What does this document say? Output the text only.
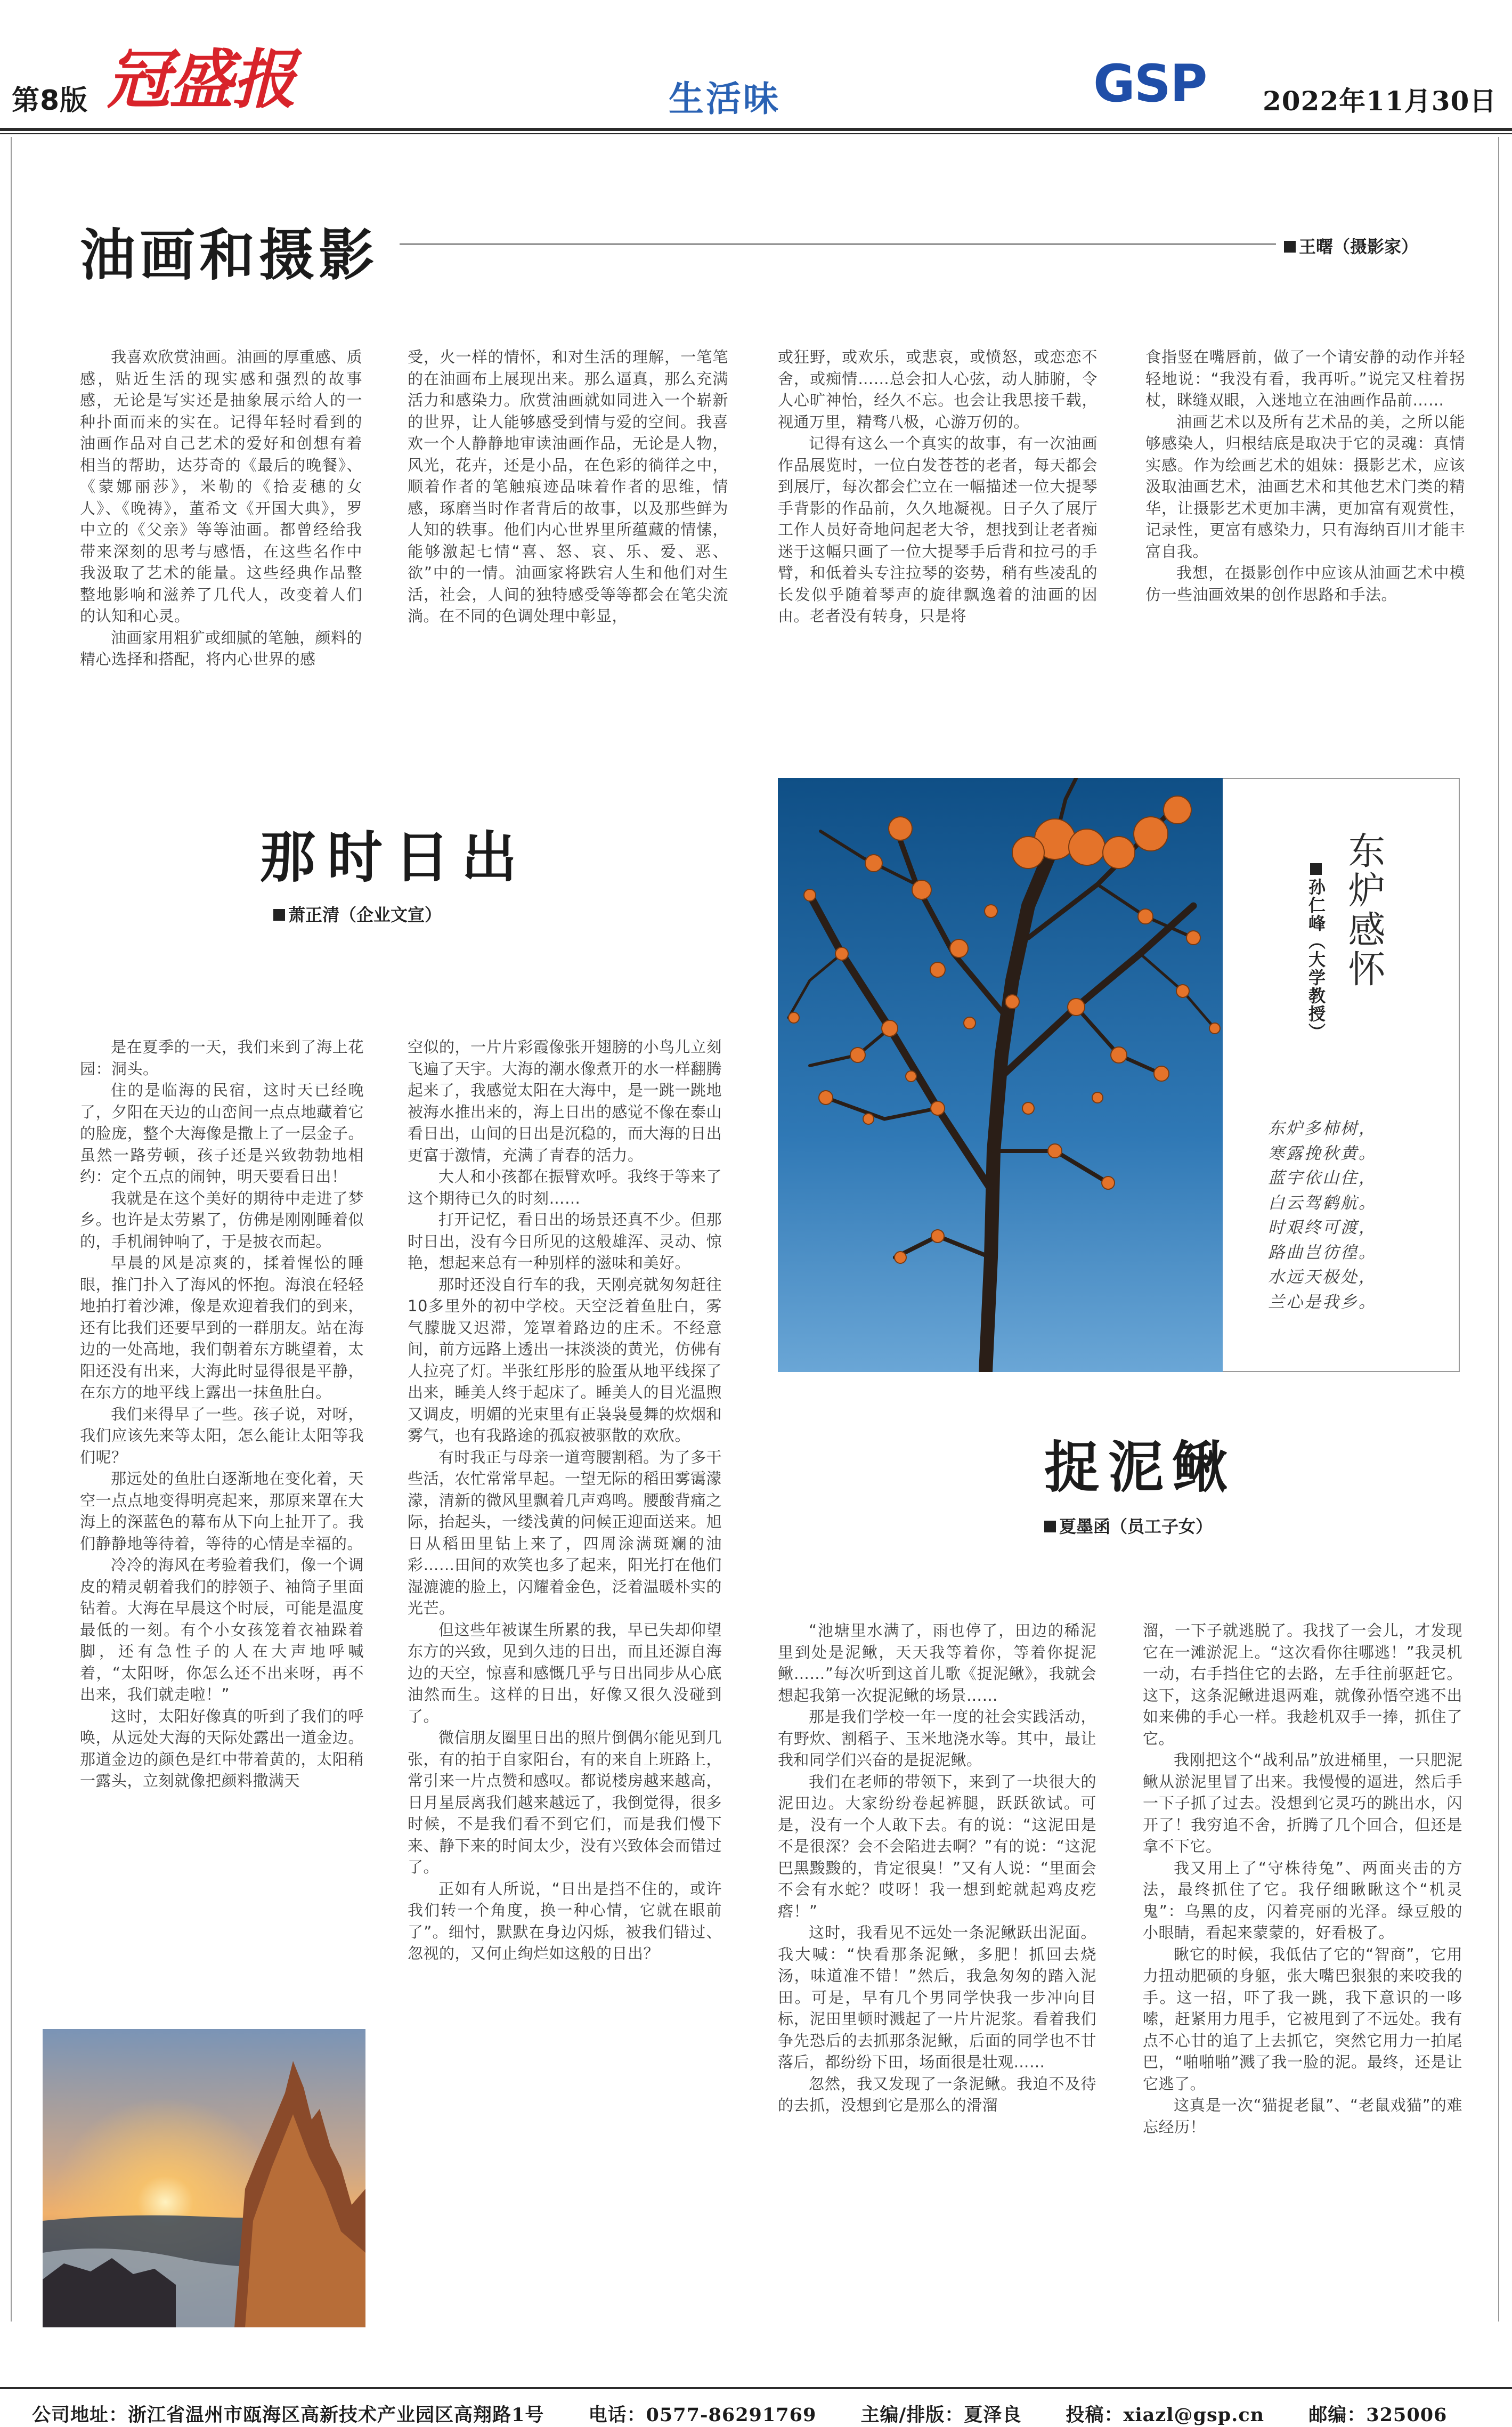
第8版 冠盛报	生活味	GSP	2022年11月30日
油画和摄影	王曙（摄影家）

我喜欢欣赏油画。油画的厚重感、质感，贴近生活的现实感和强烈的故事感，无论是写实还是抽象展示给人的一种扑面而来的实在。记得年轻时看到的油画作品对自己艺术的爱好和创想有着相当的帮助，达芬奇的《最后的晚餐》、《蒙娜丽莎》，米勒的《拾麦穗的女人》、《晚祷》，董希文《开国大典》，罗中立的《父亲》等等油画。都曾经给我带来深刻的思考与感悟，在这些名作中我汲取了艺术的能量。这些经典作品整整地影响和滋养了几代人，改变着人们的认知和心灵。

油画家用粗犷或细腻的笔触，颜料的精心选择和搭配，将内心世界的感

受，火一样的情怀，和对生活的理解，一笔笔的在油画布上展现出来。那么逼真，那么充满活力和感染力。欣赏油画就如同进入一个崭新的世界，让人能够感受到情与爱的空间。我喜欢一个人静静地审读油画作品，无论是人物，风光，花卉，还是小品，在色彩的徜徉之中，顺着作者的笔触痕迹品味着作者的思维，情感，琢磨当时作者背后的故事，以及那些鲜为人知的轶事。他们内心世界里所蕴藏的情愫，能够激起七情“喜、怒、哀、乐、爱、恶、欲”中的一情。油画家将跌宕人生和他们对生活，社会，人间的独特感受等等都会在笔尖流淌。在不同的色调处理中彰显，

或狂野，或欢乐，或悲哀，或愤怒，或恋恋不舍，或痴情……总会扣人心弦，动人肺腑，令人心旷神怡，经久不忘。也会让我思接千载，视通万里，精骛八极，心游万仞的。

记得有这么一个真实的故事，有一次油画作品展览时，一位白发苍苍的老者，每天都会到展厅，每次都会伫立在一幅描述一位大提琴手背影的作品前，久久地凝视。日子久了展厅工作人员好奇地问起老大爷，想找到让老者痴迷于这幅只画了一位大提琴手后背和拉弓的手臂，和低着头专注拉琴的姿势，稍有些凌乱的长发似乎随着琴声的旋律飘逸着的油画的因由。老者没有转身，只是将

食指竖在嘴唇前，做了一个请安静的动作并轻轻地说：“我没有看，我再听。”说完又柱着拐杖，眯缝双眼，入迷地立在油画作品前……

油画艺术以及所有艺术品的美，之所以能够感染人，归根结底是取决于它的灵魂：真情实感。作为绘画艺术的姐妹：摄影艺术，应该汲取油画艺术，油画艺术和其他艺术门类的精华，让摄影艺术更加丰满，更加富有观赏性，记录性，更富有感染力，只有海纳百川才能丰富自我。

我想，在摄影创作中应该从油画艺术中模仿一些油画效果的创作思路和手法。

那时日出
萧正清（企业文宣）

是在夏季的一天，我们来到了海上花园：洞头。

住的是临海的民宿，这时天已经晚了，夕阳在天边的山峦间一点点地藏着它的脸庞，整个大海像是撒上了一层金子。虽然一路劳顿，孩子还是兴致勃勃地相约：定个五点的闹钟，明天要看日出！

我就是在这个美好的期待中走进了梦乡。也许是太劳累了，仿佛是刚刚睡着似的，手机闹钟响了，于是披衣而起。

早晨的风是凉爽的，揉着惺忪的睡眼，推门扑入了海风的怀抱。海浪在轻轻地拍打着沙滩，像是欢迎着我们的到来，还有比我们还要早到的一群朋友。站在海边的一处高地，我们朝着东方眺望着，太阳还没有出来，大海此时显得很是平静，在东方的地平线上露出一抹鱼肚白。

我们来得早了一些。孩子说，对呀，我们应该先来等太阳，怎么能让太阳等我们呢？

那远处的鱼肚白逐渐地在变化着，天空一点点地变得明亮起来，那原来罩在大海上的深蓝色的幕布从下向上扯开了。我们静静地等待着，等待的心情是幸福的。

冷冷的海风在考验着我们，像一个调皮的精灵朝着我们的脖领子、袖筒子里面钻着。大海在早晨这个时辰，可能是温度最低的一刻。有个小女孩笼着衣袖跺着脚，还有急性子的人在大声地呼喊着，“太阳呀，你怎么还不出来呀，再不出来，我们就走啦！”

这时，太阳好像真的听到了我们的呼唤，从远处大海的天际处露出一道金边。那道金边的颜色是红中带着黄的，太阳稍一露头，立刻就像把颜料撒满天

空似的，一片片彩霞像张开翅膀的小鸟儿立刻飞遍了天宇。大海的潮水像煮开的水一样翻腾起来了，我感觉太阳在大海中，是一跳一跳地被海水推出来的，海上日出的感觉不像在泰山看日出，山间的日出是沉稳的，而大海的日出更富于激情，充满了青春的活力。

大人和小孩都在振臂欢呼。我终于等来了这个期待已久的时刻……

打开记忆，看日出的场景还真不少。但那时日出，没有今日所见的这般雄浑、灵动、惊艳，想起来总有一种别样的滋味和美好。

那时还没自行车的我，天刚亮就匆匆赶往10多里外的初中学校。天空泛着鱼肚白，雾气朦胧又迟滞，笼罩着路边的庄禾。不经意间，前方远路上透出一抹淡淡的黄光，仿佛有人拉亮了灯。半张红彤彤的脸蛋从地平线探了出来，睡美人终于起床了。睡美人的目光温煦又调皮，明媚的光束里有正袅袅曼舞的炊烟和雾气，也有我路途的孤寂被驱散的欢欣。

有时我正与母亲一道弯腰割稻。为了多干些活，农忙常常早起。一望无际的稻田雾霭濛濛，清新的微风里飘着几声鸡鸣。腰酸背痛之际，抬起头，一缕浅黄的问候正迎面送来。旭日从稻田里钻上来了，四周涂满斑斓的油彩……田间的欢笑也多了起来，阳光打在他们湿漉漉的脸上，闪耀着金色，泛着温暖朴实的光芒。

但这些年被谋生所累的我，早已失却仰望东方的兴致，见到久违的日出，而且还源自海边的天空，惊喜和感慨几乎与日出同步从心底油然而生。这样的日出，好像又很久没碰到了。

微信朋友圈里日出的照片倒偶尔能见到几张，有的拍于自家阳台，有的来自上班路上，常引来一片点赞和感叹。都说楼房越来越高，日月星辰离我们越来越远了，我倒觉得，很多时候，不是我们看不到它们，而是我们慢下来、静下来的时间太少，没有兴致体会而错过了。

正如有人所说，“日出是挡不住的，或许我们转一个角度，换一种心情，它就在眼前了”。细忖，默默在身边闪烁，被我们错过、忽视的，又何止绚烂如这般的日出？

东炉感怀
孙仁峰（大学教授）
东炉多柿树，
寒露挽秋黄。
蓝宇依山住，
白云驾鹤航。
时艰终可渡，
路曲岂彷徨。
水远天极处，
兰心是我乡。
捉泥鳅
夏墨函（员工子女）

“池塘里水满了，雨也停了，田边的稀泥里到处是泥鳅，天天我等着你，等着你捉泥鳅……”每次听到这首儿歌《捉泥鳅》，我就会想起我第一次捉泥鳅的场景……

那是我们学校一年一度的社会实践活动，有野炊、割稻子、玉米地浇水等。其中，最让我和同学们兴奋的是捉泥鳅。

我们在老师的带领下，来到了一块很大的泥田边。大家纷纷卷起裤腿，跃跃欲试。可是，没有一个人敢下去。有的说：“这泥田是不是很深？会不会陷进去啊？”有的说：“这泥巴黑黢黢的，肯定很臭！”又有人说：“里面会不会有水蛇？哎呀！我一想到蛇就起鸡皮疙瘩！”

这时，我看见不远处一条泥鳅跃出泥面。我大喊：“快看那条泥鳅，多肥！抓回去烧汤，味道准不错！”然后，我急匆匆的踏入泥田。可是，早有几个男同学快我一步冲向目标，泥田里顿时溅起了一片片泥浆。看着我们争先恐后的去抓那条泥鳅，后面的同学也不甘落后，都纷纷下田，场面很是壮观……

忽然，我又发现了一条泥鳅。我迫不及待的去抓，没想到它是那么的滑溜

溜，一下子就逃脱了。我找了一会儿，才发现它在一滩淤泥上。“这次看你往哪逃！”我灵机一动，右手挡住它的去路，左手往前驱赶它。这下，这条泥鳅进退两难，就像孙悟空逃不出如来佛的手心一样。我趁机双手一捧，抓住了它。

我刚把这个“战利品”放进桶里，一只肥泥鳅从淤泥里冒了出来。我慢慢的逼进，然后手一下子抓了过去。没想到它灵巧的跳出水，闪开了！我穷追不舍，折腾了几个回合，但还是拿不下它。

我又用上了“守株待兔”、两面夹击的方法，最终抓住了它。我仔细瞅瞅这个“机灵鬼”：乌黑的皮，闪着亮丽的光泽。绿豆般的小眼睛，看起来蒙蒙的，好看极了。

瞅它的时候，我低估了它的“智商”，它用力扭动肥硕的身躯，张大嘴巴狠狠的来咬我的手。这一招，吓了我一跳，我下意识的一哆嗦，赶紧用力甩手，它被甩到了不远处。我有点不心甘的追了上去抓它，突然它用力一拍尾巴，“啪啪啪”溅了我一脸的泥。最终，还是让它逃了。

这真是一次“猫捉老鼠”、“老鼠戏猫”的难忘经历！

公司地址：浙江省温州市瓯海区高新技术产业园区高翔路1号 电话：0577-86291769 主编/排版：夏泽良 投稿：xiazl@gsp.cn 邮编：325006
